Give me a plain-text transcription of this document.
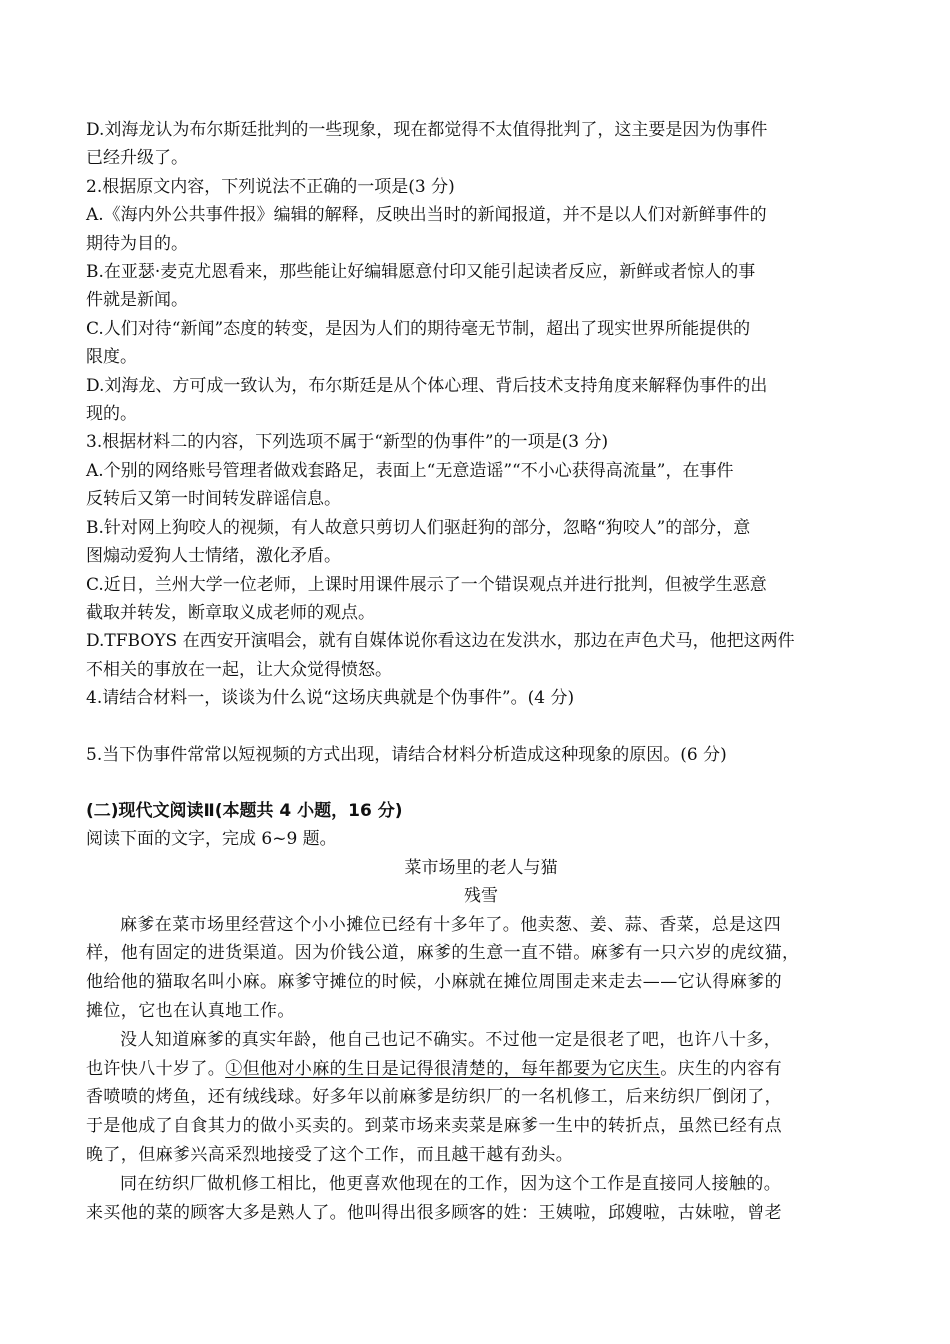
D.刘海龙认为布尔斯廷批判的一些现象，现在都觉得不太值得批判了，这主要是因为伪事件

已经升级了。

2.根据原文内容，下列说法不正确的一项是(3 分)

A.《海内外公共事件报》编辑的解释，反映出当时的新闻报道，并不是以人们对新鲜事件的

期待为目的。

B.在亚瑟·麦克尤恩看来，那些能让好编辑愿意付印又能引起读者反应，新鲜或者惊人的事

件就是新闻。

C.人们对待“新闻”态度的转变，是因为人们的期待毫无节制，超出了现实世界所能提供的

限度。

D.刘海龙、方可成一致认为，布尔斯廷是从个体心理、背后技术支持角度来解释伪事件的出

现的。

3.根据材料二的内容，下列选项不属于“新型的伪事件”的一项是(3 分)

A.个别的网络账号管理者做戏套路足，表面上“无意造谣”“不小心获得高流量”，在事件

反转后又第一时间转发辟谣信息。

B.针对网上狗咬人的视频，有人故意只剪切人们驱赶狗的部分，忽略“狗咬人”的部分，意

图煽动爱狗人士情绪，激化矛盾。

C.近日，兰州大学一位老师，上课时用课件展示了一个错误观点并进行批判，但被学生恶意

截取并转发，断章取义成老师的观点。

D.TFBOYS 在西安开演唱会，就有自媒体说你看这边在发洪水，那边在声色犬马，他把这两件

不相关的事放在一起，让大众觉得愤怒。

4.请结合材料一，谈谈为什么说“这场庆典就是个伪事件”。(4 分)

5.当下伪事件常常以短视频的方式出现，请结合材料分析造成这种现象的原因。(6 分)

(二)现代文阅读Ⅱ(本题共 4 小题，16 分)

阅读下面的文字，完成 6~9 题。

菜市场里的老人与猫

残雪

麻爹在菜市场里经营这个小小摊位已经有十多年了。他卖葱、姜、蒜、香菜，总是这四

样，他有固定的进货渠道。因为价钱公道，麻爹的生意一直不错。麻爹有一只六岁的虎纹猫，

他给他的猫取名叫小麻。麻爹守摊位的时候，小麻就在摊位周围走来走去——它认得麻爹的

摊位，它也在认真地工作。

没人知道麻爹的真实年龄，他自己也记不确实。不过他一定是很老了吧，也许八十多，

也许快八十岁了。①但他对小麻的生日是记得很清楚的，每年都要为它庆生。庆生的内容有

香喷喷的烤鱼，还有绒线球。好多年以前麻爹是纺织厂的一名机修工，后来纺织厂倒闭了，

于是他成了自食其力的做小买卖的。到菜市场来卖菜是麻爹一生中的转折点，虽然已经有点

晚了，但麻爹兴高采烈地接受了这个工作，而且越干越有劲头。

同在纺织厂做机修工相比，他更喜欢他现在的工作，因为这个工作是直接同人接触的。

来买他的菜的顾客大多是熟人了。他叫得出很多顾客的姓：王姨啦，邱嫂啦，古妹啦，曾老
